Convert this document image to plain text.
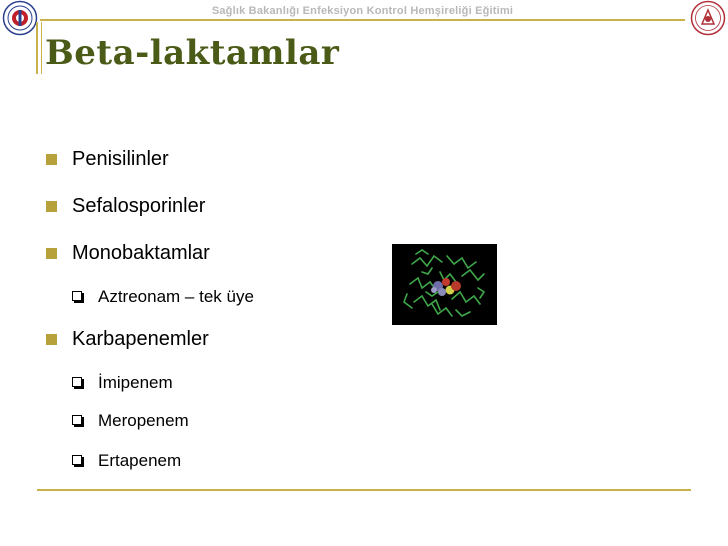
Sağlık Bakanlığı Enfeksiyon Kontrol Hemşireliği Eğitimi
Beta-laktamlar
Penisilinler
Sefalosporinler
Monobaktamlar
Aztreonam – tek üye
Karbapenemler
İmipenem
Meropenem
Ertapenem
